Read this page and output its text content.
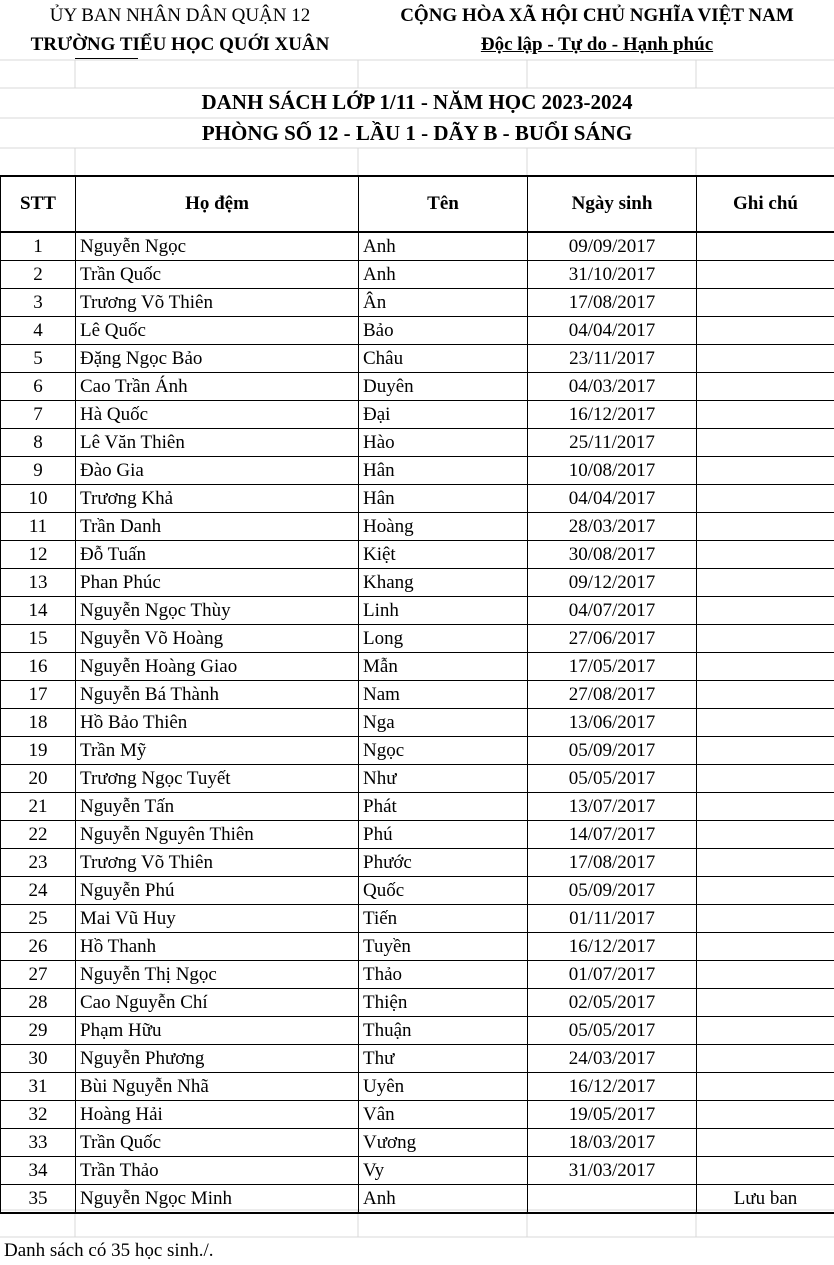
ỦY BAN NHÂN DÂN QUẬN 12
TRƯỜNG TIỂU HỌC QUỚI XUÂN
CỘNG HÒA XÃ HỘI CHỦ NGHĨA VIỆT NAM
Độc lập - Tự do - Hạnh phúc
DANH SÁCH LỚP 1/11 - NĂM HỌC 2023-2024
PHÒNG SỐ 12 - LẦU 1 - DÃY B - BUỔI SÁNG
STT	Họ đệm	Tên	Ngày sinh	Ghi chú
1	Nguyễn Ngọc	Anh	09/09/2017	
2	Trần Quốc	Anh	31/10/2017	
3	Trương Võ Thiên	Ân	17/08/2017	
4	Lê Quốc	Bảo	04/04/2017	
5	Đặng Ngọc Bảo	Châu	23/11/2017	
6	Cao Trần Ánh	Duyên	04/03/2017	
7	Hà Quốc	Đại	16/12/2017	
8	Lê Văn Thiên	Hào	25/11/2017	
9	Đào Gia	Hân	10/08/2017	
10	Trương Khả	Hân	04/04/2017	
11	Trần Danh	Hoàng	28/03/2017	
12	Đỗ Tuấn	Kiệt	30/08/2017	
13	Phan Phúc	Khang	09/12/2017	
14	Nguyễn Ngọc Thùy	Linh	04/07/2017	
15	Nguyễn Võ Hoàng	Long	27/06/2017	
16	Nguyễn Hoàng Giao	Mẫn	17/05/2017	
17	Nguyễn Bá Thành	Nam	27/08/2017	
18	Hồ Bảo Thiên	Nga	13/06/2017	
19	Trần Mỹ	Ngọc	05/09/2017	
20	Trương Ngọc Tuyết	Như	05/05/2017	
21	Nguyễn Tấn	Phát	13/07/2017	
22	Nguyễn Nguyên Thiên	Phú	14/07/2017	
23	Trương Võ Thiên	Phước	17/08/2017	
24	Nguyễn Phú	Quốc	05/09/2017	
25	Mai Vũ Huy	Tiến	01/11/2017	
26	Hồ Thanh	Tuyền	16/12/2017	
27	Nguyễn Thị Ngọc	Thảo	01/07/2017	
28	Cao Nguyễn Chí	Thiện	02/05/2017	
29	Phạm Hữu	Thuận	05/05/2017	
30	Nguyễn Phương	Thư	24/03/2017	
31	Bùi Nguyễn Nhã	Uyên	16/12/2017	
32	Hoàng Hải	Vân	19/05/2017	
33	Trần Quốc	Vương	18/03/2017	
34	Trần Thảo	Vy	31/03/2017	
35	Nguyễn Ngọc Minh	Anh		Lưu ban
Danh sách có 35 học sinh./.
